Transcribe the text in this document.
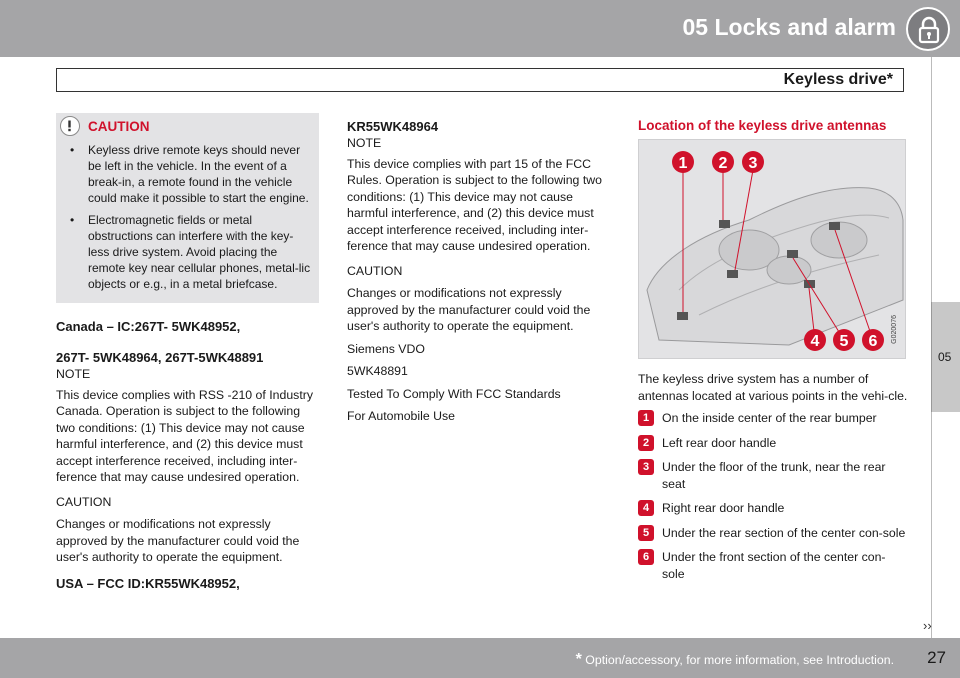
05 Locks and alarm
Keyless drive*
05
CAUTION
• Keyless drive remote keys should never be left in the vehicle. In the event of a break-in, a remote found in the vehicle could make it possible to start the engine.
• Electromagnetic fields or metal obstructions can interfere with the key-less drive system. Avoid placing the remote key near cellular phones, metal-lic objects or e.g., in a metal briefcase.
Canada – IC:267T- 5WK48952,
267T- 5WK48964, 267T-5WK48891
NOTE
This device complies with RSS -210 of Industry Canada. Operation is subject to the following two conditions: (1) This device may not cause harmful interference, and (2) this device must accept interference received, including inter-ference that may cause undesired operation.
CAUTION
Changes or modifications not expressly approved by the manufacturer could void the user's authority to operate the equipment.
USA – FCC ID:KR55WK48952,
KR55WK48964
NOTE
This device complies with part 15 of the FCC Rules. Operation is subject to the following two conditions: (1) This device may not cause harmful interference, and (2) this device must accept interference received, including inter-ference that may cause undesired operation.
CAUTION
Changes or modifications not expressly approved by the manufacturer could void the user's authority to operate the equipment.
Siemens VDO
5WK48891
Tested To Comply With FCC Standards
For Automobile Use
Location of the keyless drive antennas
1 2 3
4 5 6	G020076
The keyless drive system has a number of antennas located at various points in the vehi-cle.
1	On the inside center of the rear bumper
2	Left rear door handle
3	Under the floor of the trunk, near the rear seat
4	Right rear door handle
5	Under the rear section of the center con-sole
6	Under the front section of the center con-sole
››
* Option/accessory, for more information, see Introduction. 27
